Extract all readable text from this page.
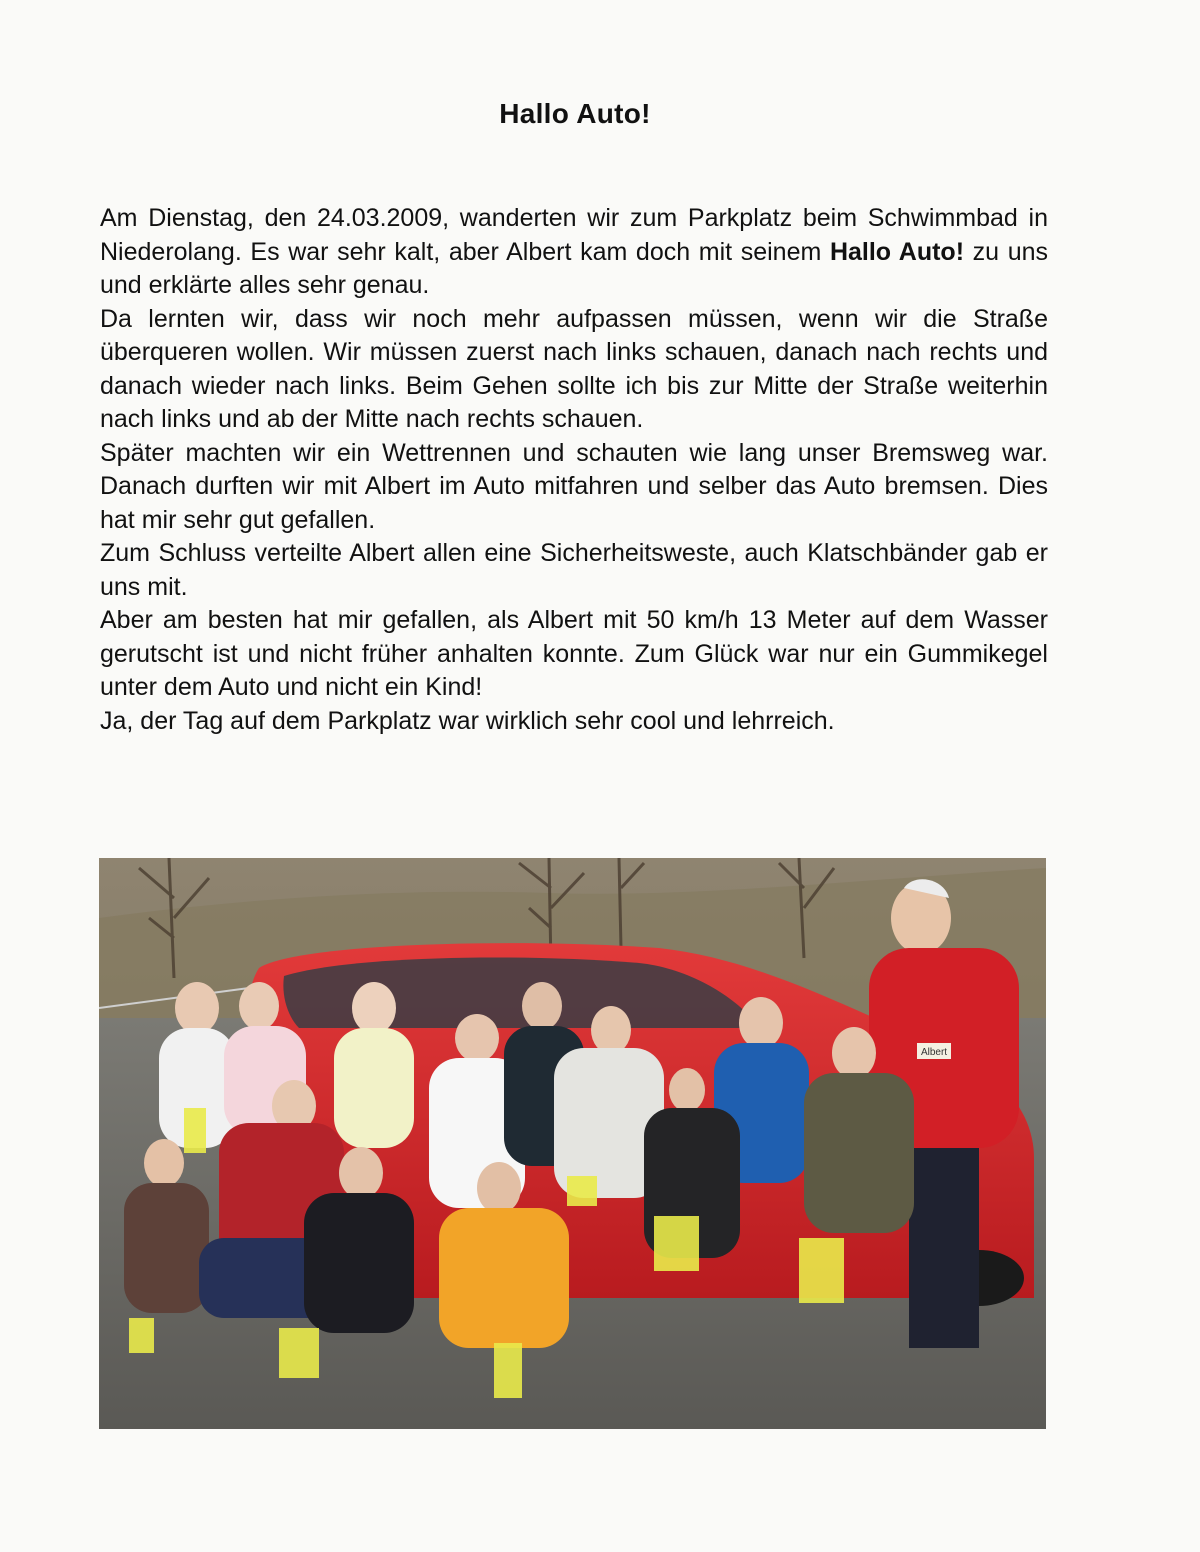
Hallo Auto!

Am Dienstag, den 24.03.2009, wanderten wir zum Parkplatz beim Schwimmbad in Niederolang. Es war sehr kalt, aber Albert kam doch mit seinem Hallo Auto! zu uns und erklärte alles sehr genau.

Da lernten wir, dass wir noch mehr aufpassen müssen, wenn wir die Straße überqueren wollen. Wir müssen zuerst nach links schauen, danach nach rechts und danach wieder nach links. Beim Gehen sollte ich bis zur Mitte der Straße weiterhin nach links und ab der Mitte nach rechts schauen.

Später machten wir ein Wettrennen und schauten wie lang unser Bremsweg war. Danach durften wir mit Albert im Auto mitfahren und selber das Auto bremsen. Dies hat mir sehr gut gefallen.

Zum Schluss verteilte Albert allen eine Sicherheitsweste, auch Klatschbänder gab er uns mit.

Aber am besten hat mir gefallen, als Albert mit 50 km/h 13 Meter auf dem Wasser gerutscht ist und nicht früher anhalten konnte. Zum Glück war nur ein Gummikegel unter dem Auto und nicht ein Kind!

Ja, der Tag auf dem Parkplatz war wirklich sehr cool und lehrreich.

Albert
